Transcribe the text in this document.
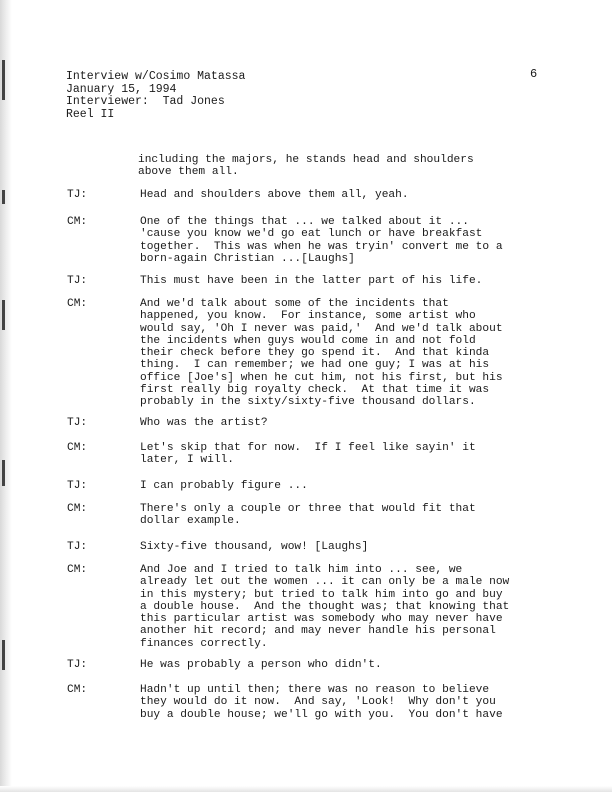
Interview w/Cosimo Matassa
January 15, 1994
Interviewer:  Tad Jones
Reel II
6
including the majors, he stands head and shoulders
above them all.
TJ:	Head and shoulders above them all, yeah.
CM:	One of the things that ... we talked about it ...
'cause you know we'd go eat lunch or have breakfast
together.  This was when he was tryin' convert me to a
born-again Christian ...[Laughs]
TJ:	This must have been in the latter part of his life.
CM:	And we'd talk about some of the incidents that
happened, you know.  For instance, some artist who
would say, 'Oh I never was paid,'  And we'd talk about
the incidents when guys would come in and not fold
their check before they go spend it.  And that kinda
thing.  I can remember; we had one guy; I was at his
office [Joe's] when he cut him, not his first, but his
first really big royalty check.  At that time it was
probably in the sixty/sixty-five thousand dollars.
TJ:	Who was the artist?
CM:	Let's skip that for now.  If I feel like sayin' it
later, I will.
TJ:	I can probably figure ...
CM:	There's only a couple or three that would fit that
dollar example.
TJ:	Sixty-five thousand, wow! [Laughs]
CM:	And Joe and I tried to talk him into ... see, we
already let out the women ... it can only be a male now
in this mystery; but tried to talk him into go and buy
a double house.  And the thought was; that knowing that
this particular artist was somebody who may never have
another hit record; and may never handle his personal
finances correctly.
TJ:	He was probably a person who didn't.
CM:	Hadn't up until then; there was no reason to believe
they would do it now.  And say, 'Look!  Why don't you
buy a double house; we'll go with you.  You don't have
